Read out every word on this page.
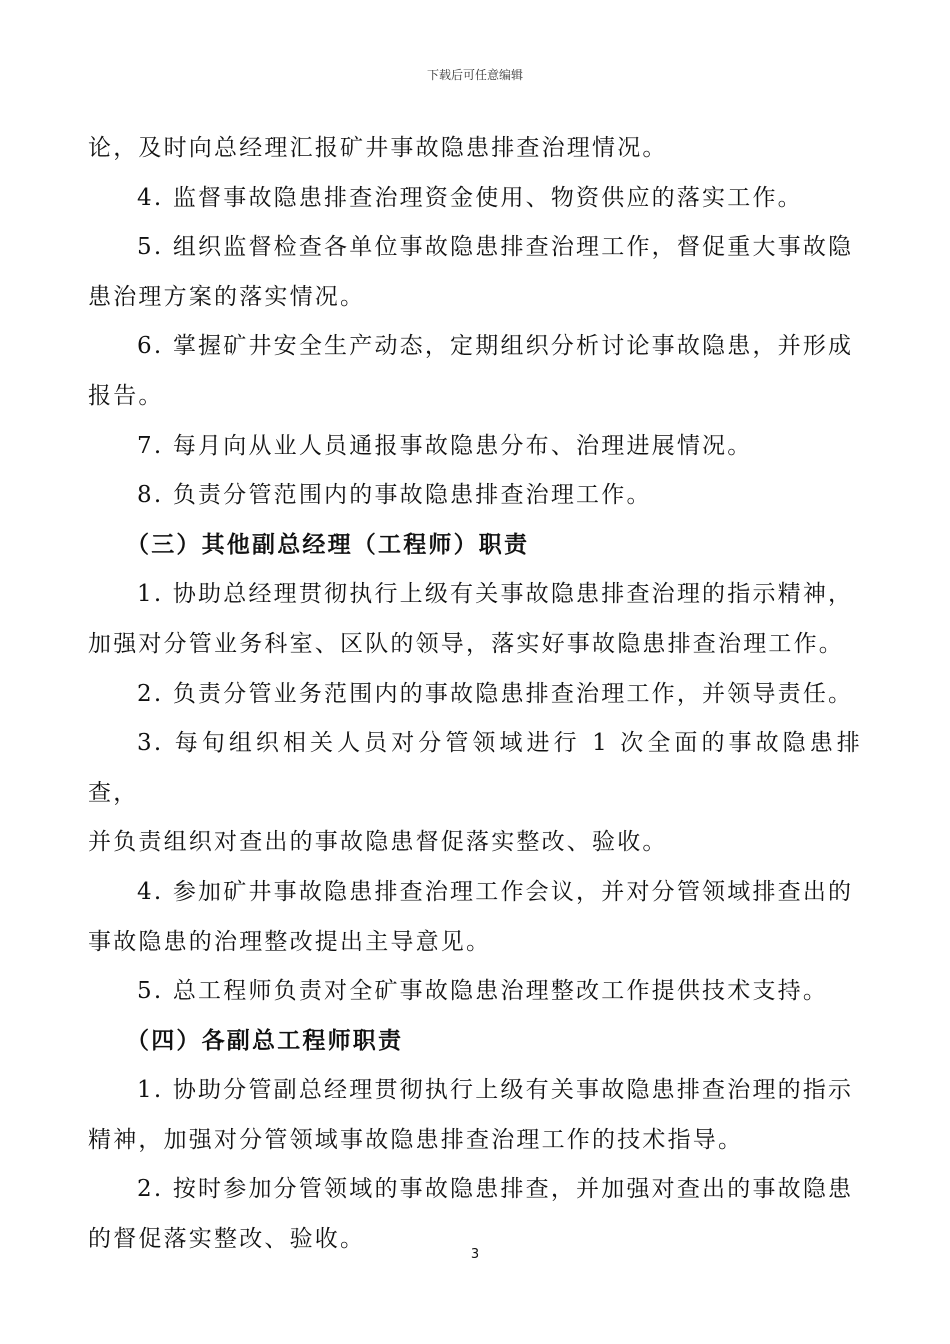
下载后可任意编辑

论，及时向总经理汇报矿井事故隐患排查治理情况。

4. 监督事故隐患排查治理资金使用、物资供应的落实工作。

5. 组织监督检查各单位事故隐患排查治理工作，督促重大事故隐

患治理方案的落实情况。

6. 掌握矿井安全生产动态，定期组织分析讨论事故隐患，并形成

报告。

7. 每月向从业人员通报事故隐患分布、治理进展情况。

8. 负责分管范围内的事故隐患排查治理工作。

（三）其他副总经理（工程师）职责

1. 协助总经理贯彻执行上级有关事故隐患排查治理的指示精神，

加强对分管业务科室、区队的领导，落实好事故隐患排查治理工作。

2. 负责分管业务范围内的事故隐患排查治理工作，并领导责任。

3. 每旬组织相关人员对分管领域进行 1 次全面的事故隐患排查，

并负责组织对查出的事故隐患督促落实整改、验收。

4. 参加矿井事故隐患排查治理工作会议，并对分管领域排查出的

事故隐患的治理整改提出主导意见。

5. 总工程师负责对全矿事故隐患治理整改工作提供技术支持。

（四）各副总工程师职责

1. 协助分管副总经理贯彻执行上级有关事故隐患排查治理的指示

精神，加强对分管领域事故隐患排查治理工作的技术指导。

2. 按时参加分管领域的事故隐患排查，并加强对查出的事故隐患

的督促落实整改、验收。

3
